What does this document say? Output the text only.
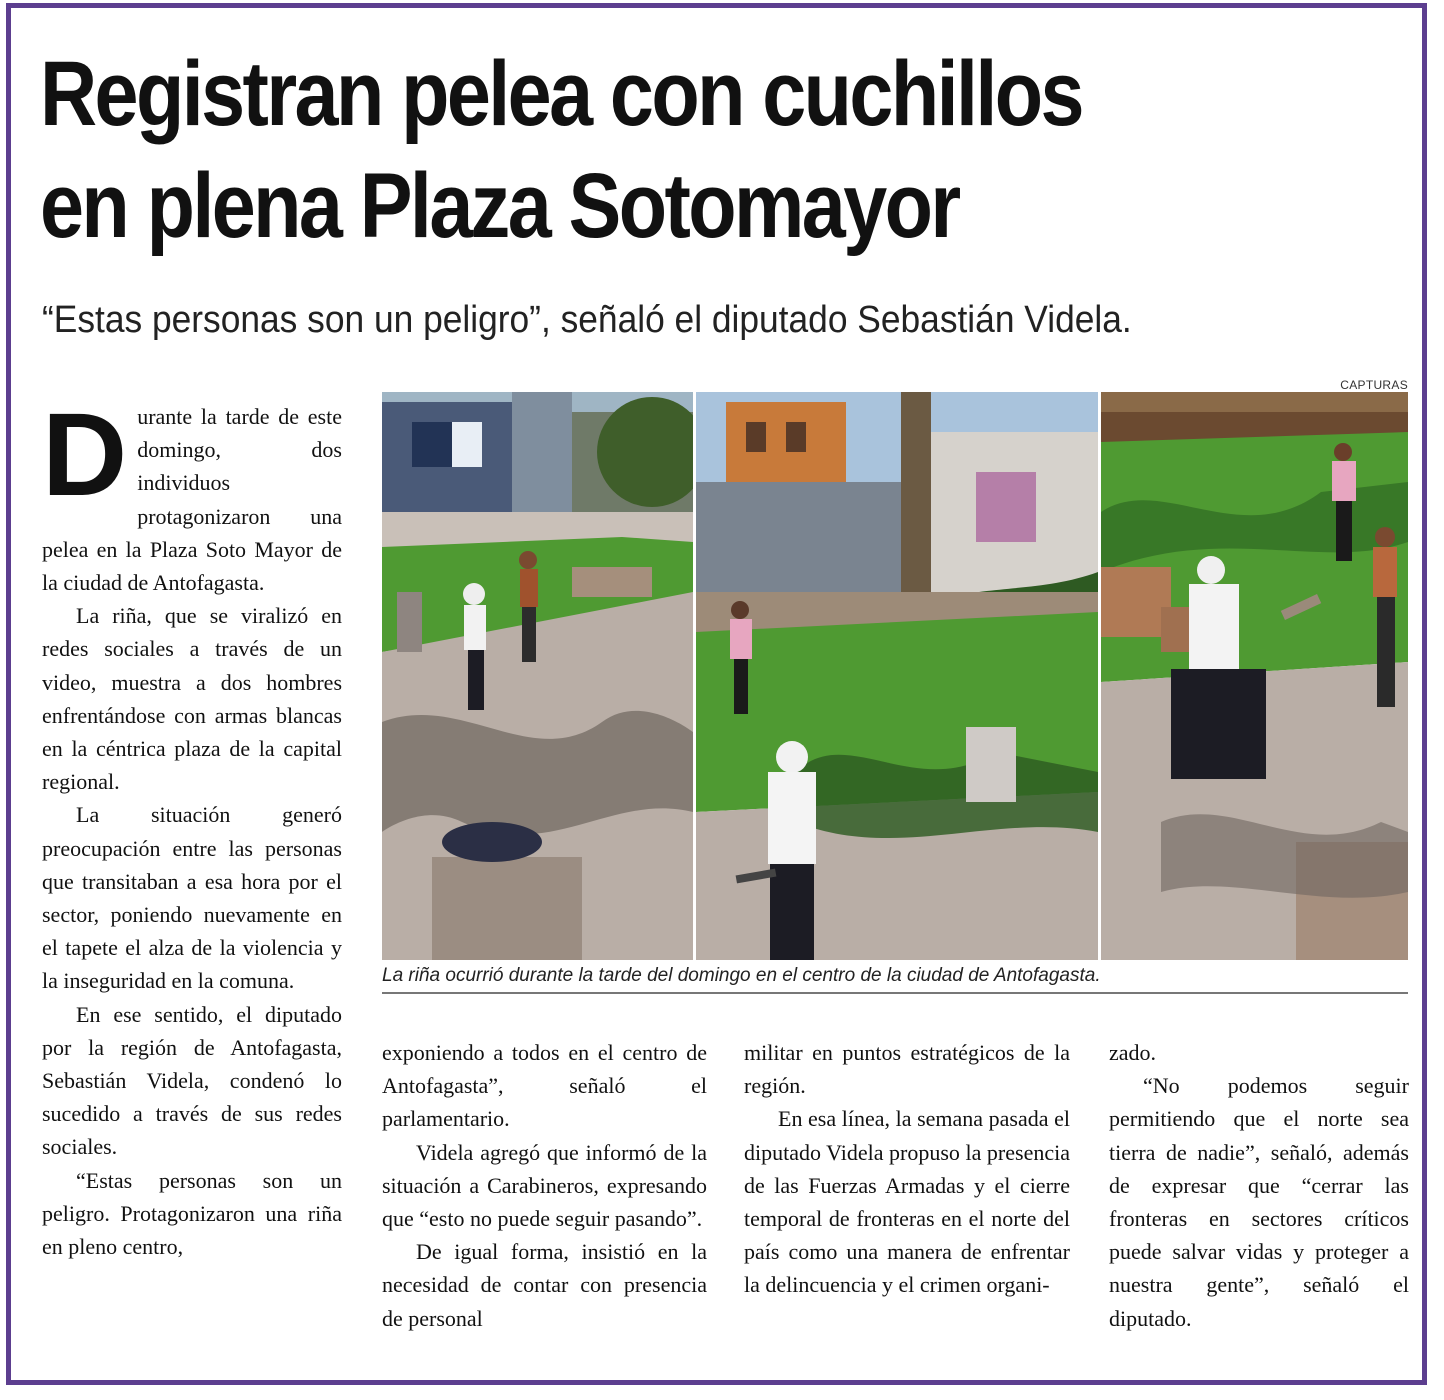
Registran pelea con cuchillos
en plena Plaza Sotomayor

“Estas personas son un peligro”, señaló el diputado Sebastián Videla.

CAPTURAS

La riña ocurrió durante la tarde del domingo en el centro de la ciudad de Antofagasta.

Durante la tarde de este domingo, dos individuos protagonizaron una pelea en la Plaza Soto Mayor de la ciudad de Antofagasta.

La riña, que se viralizó en redes sociales a través de un video, muestra a dos hombres enfrentándose con armas blancas en la céntrica plaza de la capital regional.

La situación generó preocupación entre las personas que transitaban a esa hora por el sector, poniendo nuevamente en el tapete el alza de la violencia y la inseguridad en la comuna.

En ese sentido, el diputado por la región de Antofagasta, Sebastián Videla, condenó lo sucedido a través de sus redes sociales.

“Estas personas son un peligro. Protagonizaron una riña en pleno centro,

exponiendo a todos en el centro de Antofagasta”, señaló el parlamentario.

Videla agregó que informó de la situación a Carabineros, expresando que “esto no puede seguir pasando”.

De igual forma, insistió en la necesidad de contar con presencia de personal

militar en puntos estratégicos de la región.

En esa línea, la semana pasada el diputado Videla propuso la presencia de las Fuerzas Armadas y el cierre temporal de fronteras en el norte del país como una manera de enfrentar la delincuencia y el crimen organi-

zado.

“No podemos seguir permitiendo que el norte sea tierra de nadie”, señaló, además de expresar que “cerrar las fronteras en sectores críticos puede salvar vidas y proteger a nuestra gente”, señaló el diputado.
